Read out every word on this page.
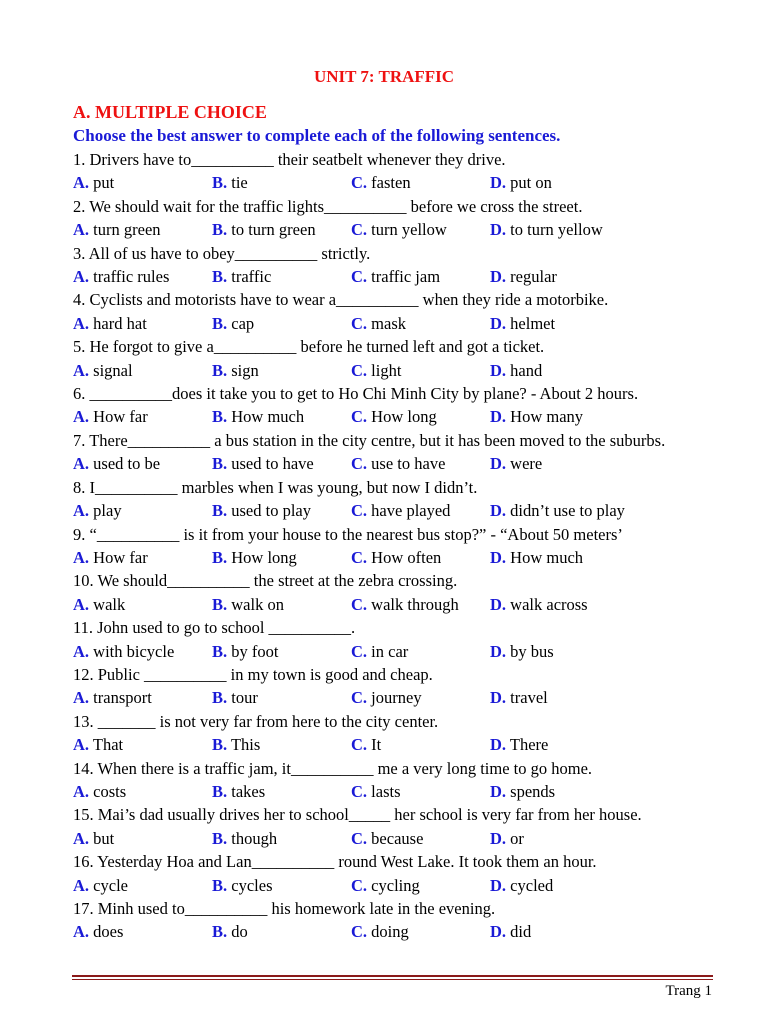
UNIT 7: TRAFFIC
A. MULTIPLE CHOICE
Choose the best answer to complete each of the following sentences.
1. Drivers have to__________ their seatbelt whenever they drive.
A. put	B. tie	C. fasten	D. put on
2. We should wait for the traffic lights__________ before we cross the street.
A. turn green	B. to turn green	C. turn yellow	D. to turn yellow
3. All of us have to obey__________ strictly.
A. traffic rules	B. traffic	C. traffic jam	D. regular
4. Cyclists and motorists have to wear a__________ when they ride a motorbike.
A. hard hat	B. cap	C. mask	D. helmet
5. He forgot to give a__________ before he turned left and got a ticket.
A. signal	B. sign	C. light	D. hand
6. __________does it take you to get to Ho Chi Minh City by plane? - About 2 hours.
A. How far	B. How much	C. How long	D. How many
7. There__________ a bus station in the city centre, but it has been moved to the suburbs.
A. used to be	B. used to have	C. use to have	D. were
8. I__________ marbles when I was young, but now I didn’t.
A. play	B. used to play	C. have played	D. didn’t use to play
9. “__________ is it from your house to the nearest bus stop?” - “About 50 meters’
A. How far	B. How long	C. How often	D. How much
10. We should__________ the street at the zebra crossing.
A. walk	B. walk on	C. walk through	D. walk across
11. John used to go to school __________.
A. with bicycle	B. by foot	C. in car	D. by bus
12. Public __________ in my town is good and cheap.
A. transport	B. tour	C. journey	D. travel
13. _______ is not very far from here to the city center.
A. That	B. This	C. It	D. There
14. When there is a traffic jam, it__________ me a very long time to go home.
A. costs	B. takes	C. lasts	D. spends
15. Mai’s dad usually drives her to school_____ her school is very far from her house.
A. but	B. though	C. because	D. or
16. Yesterday Hoa and Lan__________ round West Lake. It took them an hour.
A. cycle	B. cycles	C. cycling	D. cycled
17. Minh used to__________ his homework late in the evening.
A. does	B. do	C. doing	D. did
Trang 1
